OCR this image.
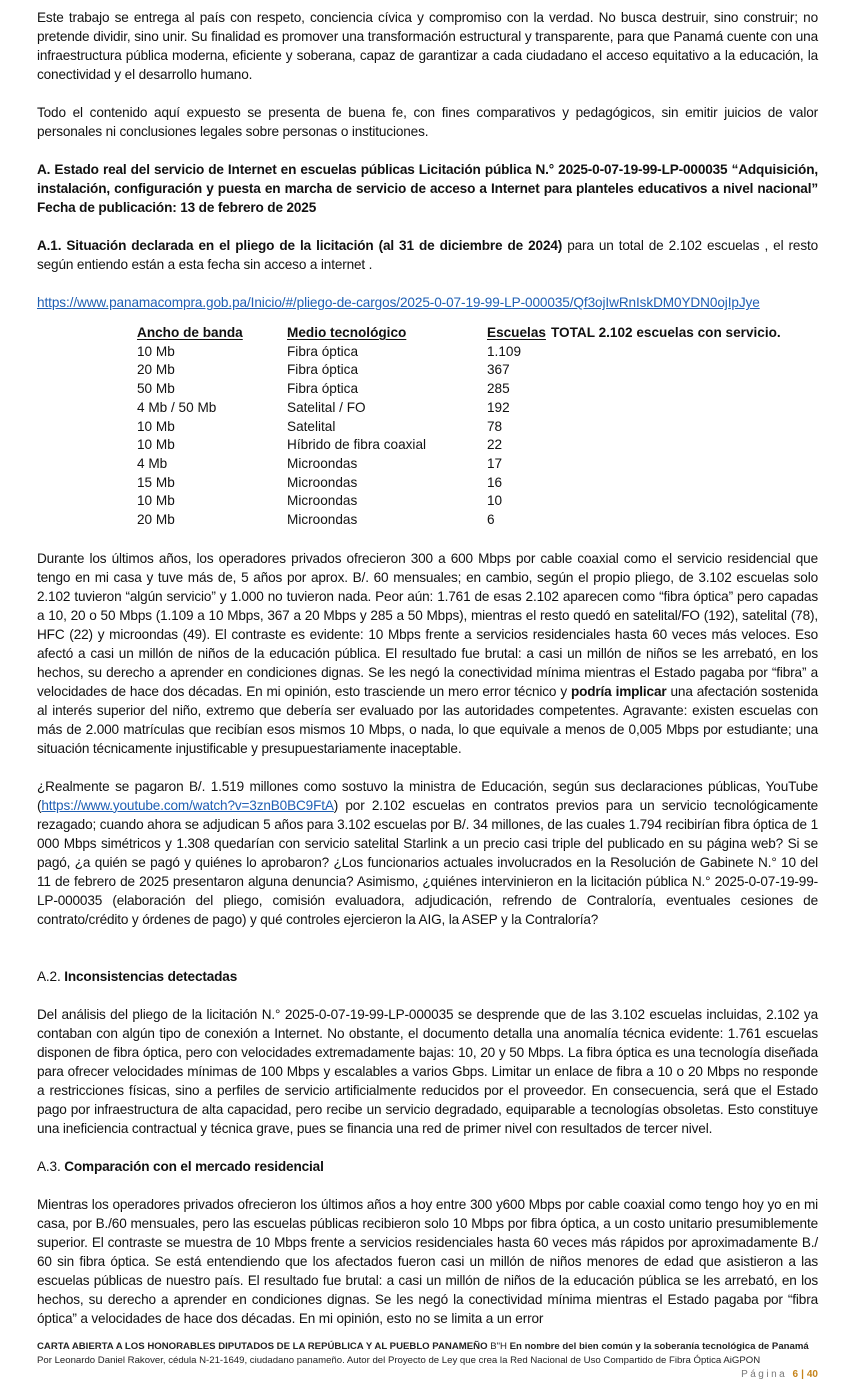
Este trabajo se entrega al país con respeto, conciencia cívica y compromiso con la verdad. No busca destruir, sino construir; no pretende dividir, sino unir. Su finalidad es promover una transformación estructural y transparente, para que Panamá cuente con una infraestructura pública moderna, eficiente y soberana, capaz de garantizar a cada ciudadano el acceso equitativo a la educación, la conectividad y el desarrollo humano.

Todo el contenido aquí expuesto se presenta de buena fe, con fines comparativos y pedagógicos, sin emitir juicios de valor personales ni conclusiones legales sobre personas o instituciones.

A. Estado real del servicio de Internet en escuelas públicas Licitación pública N.° 2025-0-07-19-99-LP-000035 “Adquisición, instalación, configuración y puesta en marcha de servicio de acceso a Internet para planteles educativos a nivel nacional” Fecha de publicación: 13 de febrero de 2025

A.1. Situación declarada en el pliego de la licitación (al 31 de diciembre de 2024) para un total de 2.102 escuelas , el resto según entiendo están a esta fecha sin acceso a internet .

https://www.panamacompra.gob.pa/Inicio/#/pliego-de-cargos/2025-0-07-19-99-LP-000035/Qf3ojIwRnIskDM0YDN0ojIpJye
Ancho de banda	Medio tecnológico	Escuelas
10 Mb	Fibra óptica	1.109
20 Mb	Fibra óptica	367
50 Mb	Fibra óptica	285
4 Mb / 50 Mb	Satelital / FO	192
10 Mb	Satelital	78
10 Mb	Híbrido de fibra coaxial	22
4 Mb	Microondas	17
15 Mb	Microondas	16
10 Mb	Microondas	10
20 Mb	Microondas	6
TOTAL 2.102 escuelas con servicio.

Durante los últimos años, los operadores privados ofrecieron 300 a 600 Mbps por cable coaxial como el servicio residencial que tengo en mi casa y tuve más de, 5 años por aprox. B/. 60 mensuales; en cambio, según el propio pliego, de 3.102 escuelas solo 2.102 tuvieron “algún servicio” y 1.000 no tuvieron nada. Peor aún: 1.761 de esas 2.102 aparecen como “fibra óptica” pero capadas a 10, 20 o 50 Mbps (1.109 a 10 Mbps, 367 a 20 Mbps y 285 a 50 Mbps), mientras el resto quedó en satelital/FO (192), satelital (78), HFC (22) y microondas (49). El contraste es evidente: 10 Mbps frente a servicios residenciales hasta 60 veces más veloces. Eso afectó a casi un millón de niños de la educación pública. El resultado fue brutal: a casi un millón de niños se les arrebató, en los hechos, su derecho a aprender en condiciones dignas. Se les negó la conectividad mínima mientras el Estado pagaba por “fibra” a velocidades de hace dos décadas. En mi opinión, esto trasciende un mero error técnico y podría implicar una afectación sostenida al interés superior del niño, extremo que debería ser evaluado por las autoridades competentes. Agravante: existen escuelas con más de 2.000 matrículas que recibían esos mismos 10 Mbps, o nada, lo que equivale a menos de 0,005 Mbps por estudiante; una situación técnicamente injustificable y presupuestariamente inaceptable.

¿Realmente se pagaron B/. 1.519 millones como sostuvo la ministra de Educación, según sus declaraciones públicas, YouTube (https://www.youtube.com/watch?v=3znB0BC9FtA) por 2.102 escuelas en contratos previos para un servicio tecnológicamente rezagado; cuando ahora se adjudican 5 años para 3.102 escuelas por B/. 34 millones, de las cuales 1.794 recibirían fibra óptica de 1 000 Mbps simétricos y 1.308 quedarían con servicio satelital Starlink a un precio casi triple del publicado en su página web? Si se pagó, ¿a quién se pagó y quiénes lo aprobaron? ¿Los funcionarios actuales involucrados en la Resolución de Gabinete N.° 10 del 11 de febrero de 2025 presentaron alguna denuncia? Asimismo, ¿quiénes intervinieron en la licitación pública N.° 2025-0-07-19-99-LP-000035 (elaboración del pliego, comisión evaluadora, adjudicación, refrendo de Contraloría, eventuales cesiones de contrato/crédito y órdenes de pago) y qué controles ejercieron la AIG, la ASEP y la Contraloría?

A.2. Inconsistencias detectadas

Del análisis del pliego de la licitación N.° 2025-0-07-19-99-LP-000035 se desprende que de las 3.102 escuelas incluidas, 2.102 ya contaban con algún tipo de conexión a Internet. No obstante, el documento detalla una anomalía técnica evidente: 1.761 escuelas disponen de fibra óptica, pero con velocidades extremadamente bajas: 10, 20 y 50 Mbps. La fibra óptica es una tecnología diseñada para ofrecer velocidades mínimas de 100 Mbps y escalables a varios Gbps. Limitar un enlace de fibra a 10 o 20 Mbps no responde a restricciones físicas, sino a perfiles de servicio artificialmente reducidos por el proveedor. En consecuencia, será que el Estado pago por infraestructura de alta capacidad, pero recibe un servicio degradado, equiparable a tecnologías obsoletas. Esto constituye una ineficiencia contractual y técnica grave, pues se financia una red de primer nivel con resultados de tercer nivel.

A.3. Comparación con el mercado residencial

Mientras los operadores privados ofrecieron los últimos años a hoy entre 300 y600 Mbps por cable coaxial como tengo hoy yo en mi casa, por B./60 mensuales, pero las escuelas públicas recibieron solo 10 Mbps por fibra óptica, a un costo unitario presumiblemente superior. El contraste se muestra de 10 Mbps frente a servicios residenciales hasta 60 veces más rápidos por aproximadamente B./ 60 sin fibra óptica. Se está entendiendo que los afectados fueron casi un millón de niños menores de edad que asistieron a las escuelas públicas de nuestro país. El resultado fue brutal: a casi un millón de niños de la educación pública se les arrebató, en los hechos, su derecho a aprender en condiciones dignas. Se les negó la conectividad mínima mientras el Estado pagaba por “fibra óptica” a velocidades de hace dos décadas. En mi opinión, esto no se limita a un error

CARTA ABIERTA A LOS HONORABLES DIPUTADOS DE LA REPÚBLICA Y AL PUEBLO PANAMEÑO B"H En nombre del bien común y la soberanía tecnológica de Panamá Por Leonardo Daniel Rakover, cédula N-21-1649, ciudadano panameño. Autor del Proyecto de Ley que crea la Red Nacional de Uso Compartido de Fibra Óptica AiGPON
Página 6 | 40
